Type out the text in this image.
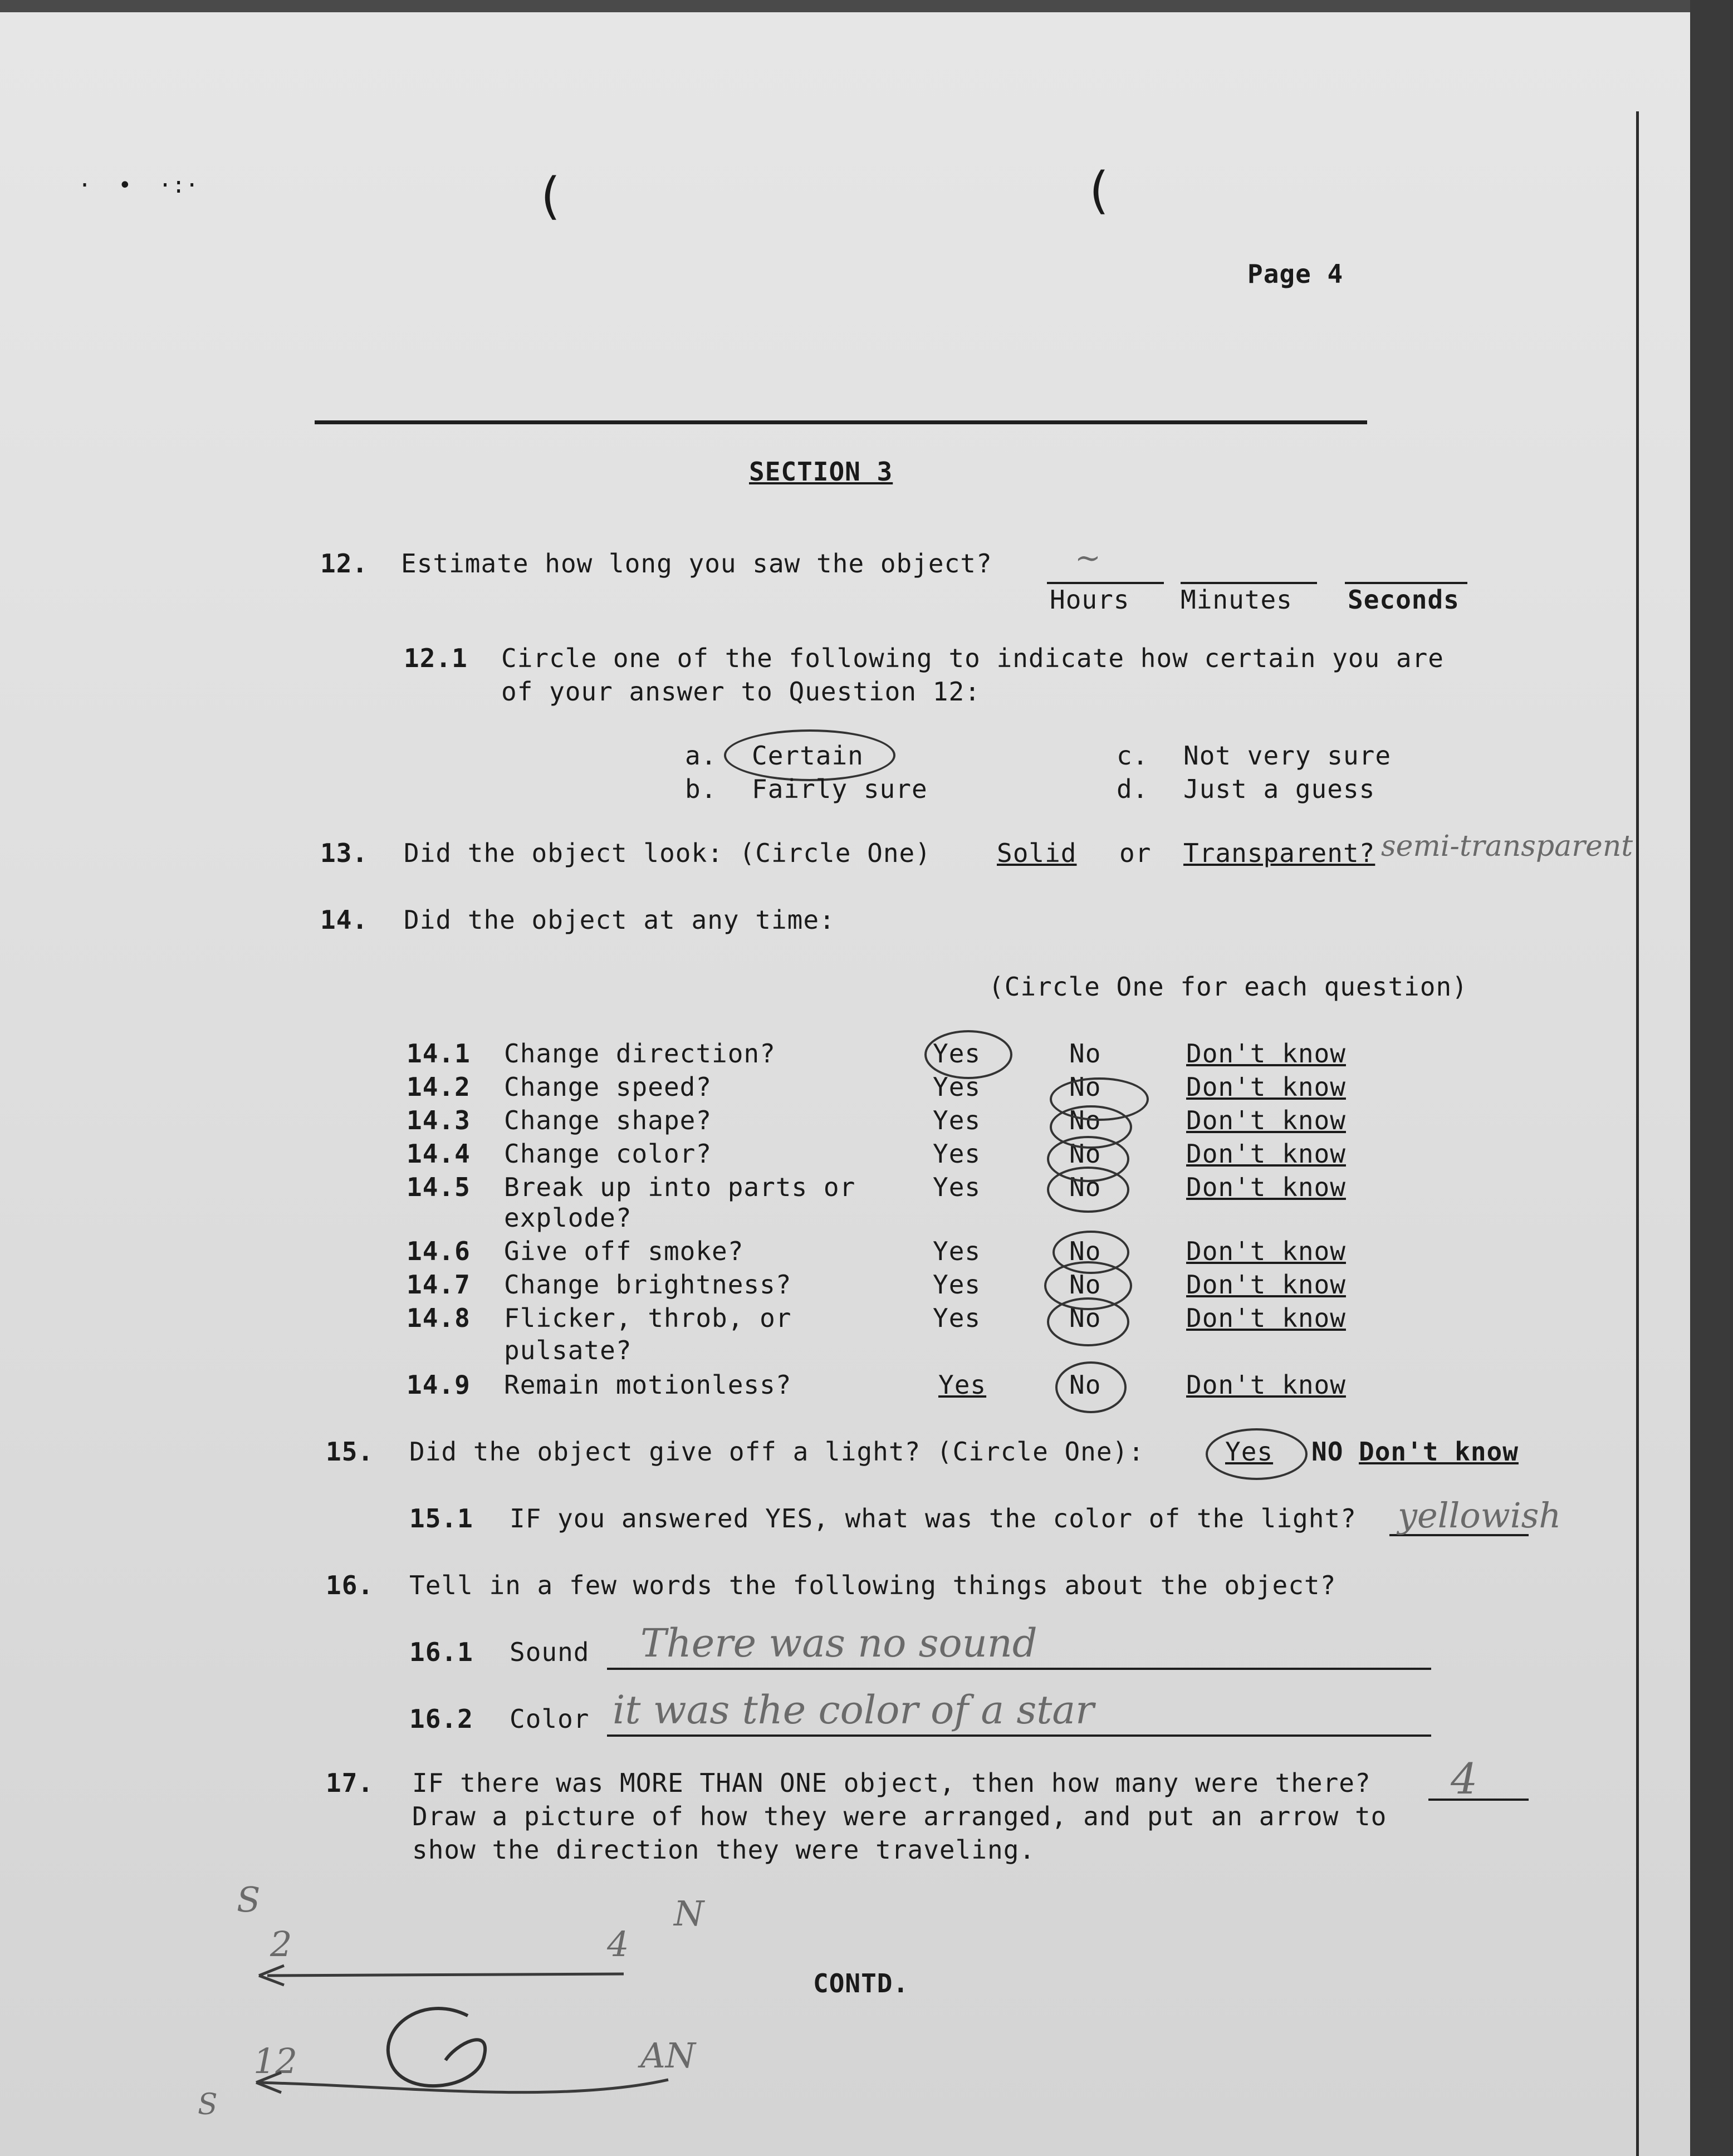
·  •  ·:·	(	(
Page 4
SECTION 3
12. Estimate how long you saw the object?	~
Hours Minutes Seconds
12.1 Circle one of the following to indicate how certain you are
of your answer to Question 12:
a. Certain
b. Fairly sure
c. Not very sure
d. Just a guess
13. Did the object look: (Circle One)	Solid or Transparent? semi-transparent
14. Did the object at any time:
(Circle One for each question)
14.1 Change direction?	Yes	No	Don't know
14.2 Change speed?	Yes	No	Don't know
14.3 Change shape?	Yes	No	Don't know
14.4 Change color?	Yes	No	Don't know
14.5 Break up into parts or
explode?
Yes	No	Don't know
14.6 Give off smoke?	Yes	No	Don't know
14.7 Change brightness?	Yes	No	Don't know
14.8 Flicker, throb, or
pulsate?
Yes	No	Don't know
14.9 Remain motionless?	Yes	No	Don't know
15. Did the object give off a light? (Circle One):	Yes NO Don't know
15.1 IF you answered YES, what was the color of the light? yellowish
16. Tell in a few words the following things about the object?
16.1 Sound There was no sound
16.2 Color it was the color of a star
17. IF there was MORE THAN ONE object, then how many were there? 4
Draw a picture of how they were arranged, and put an arrow to
show the direction they were traveling.
S
2	4
N
12	AN
S
CONTD.
